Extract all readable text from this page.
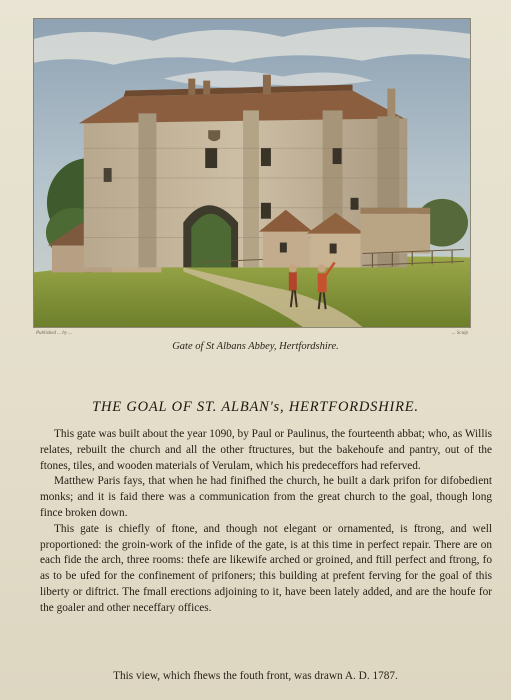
Published ... by ...	... Sculp
Gate of St Albans Abbey, Hertfordshire.
THE GOAL OF ST. ALBAN's, HERTFORDSHIRE.

This gate was built about the year 1090, by Paul or Paulinus, the fourteenth abbat; who, as Willis relates, rebuilt the church and all the other ftructures, but the bakehoufe and pantry, out of the ftones, tiles, and wooden materials of Verulam, which his predeceffors had referved.

Matthew Paris fays, that when he had finifhed the church, he built a dark prifon for difobedient monks; and it is faid there was a communication from the great church to the goal, though long fince broken down.

This gate is chiefly of ftone, and though not elegant or ornamented, is ftrong, and well proportioned: the groin-work of the infide of the gate, is at this time in perfect repair. There are on each fide the arch, three rooms: thefe are likewife arched or groined, and ftill perfect and ftrong, fo as to be ufed for the confinement of prifoners; this building at prefent ferving for the goal of this liberty or diftrict. The fmall erections adjoining to it, have been lately added, and are the houfe for the goaler and other neceffary offices.

This view, which fhews the fouth front, was drawn A. D. 1787.
